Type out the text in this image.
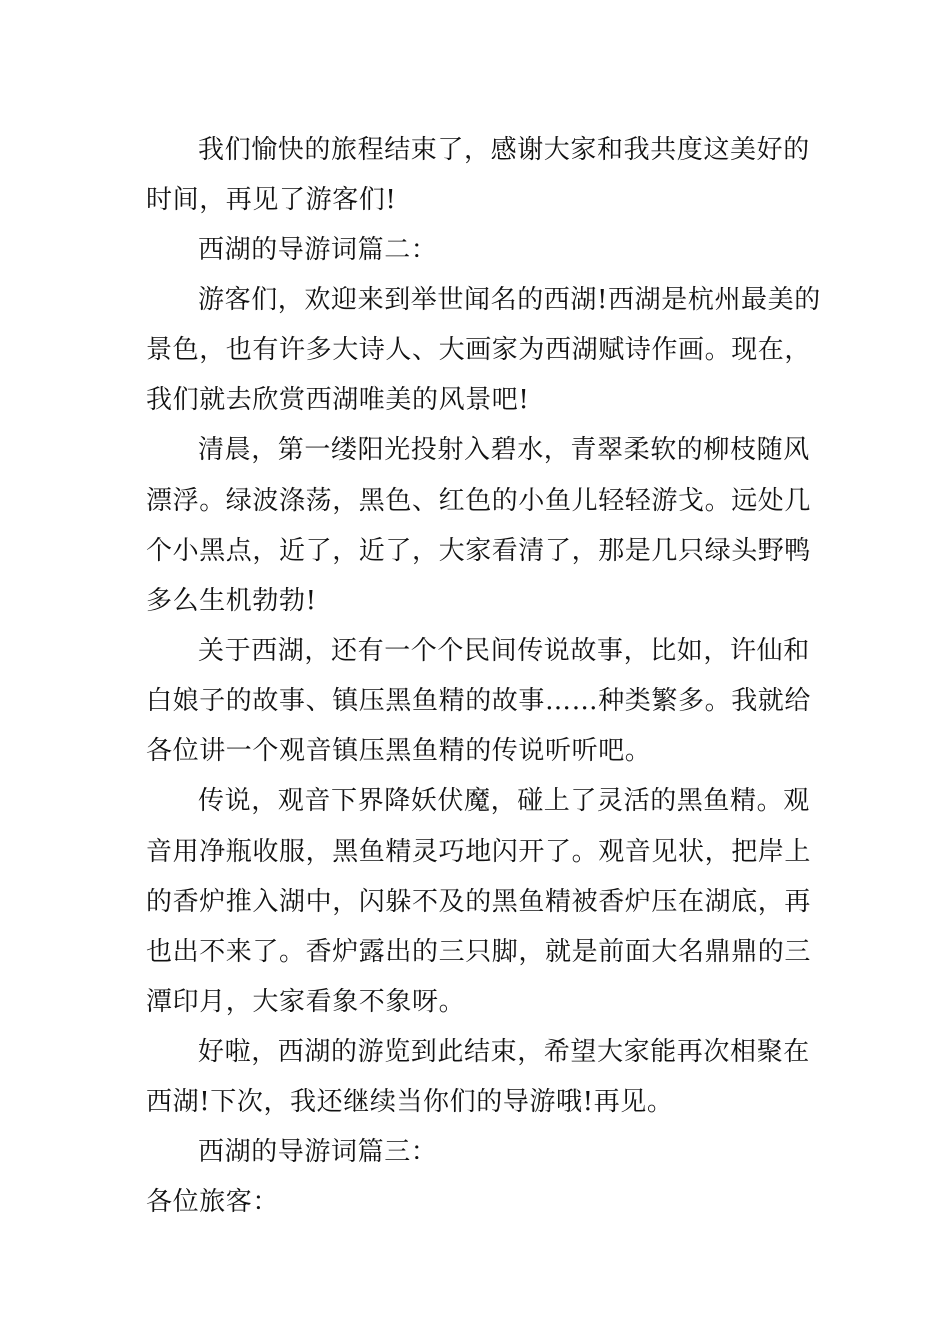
我们愉快的旅程结束了，感谢大家和我共度这美好的
时间，再见了游客们!
西湖的导游词篇二：
游客们，欢迎来到举世闻名的西湖!西湖是杭州最美的
景色，也有许多大诗人、大画家为西湖赋诗作画。现在，
我们就去欣赏西湖唯美的风景吧!
清晨，第一缕阳光投射入碧水，青翠柔软的柳枝随风
漂浮。绿波涤荡，黑色、红色的小鱼儿轻轻游戈。远处几
个小黑点，近了，近了，大家看清了，那是几只绿头野鸭
多么生机勃勃!
关于西湖，还有一个个民间传说故事，比如，许仙和
白娘子的故事、镇压黑鱼精的故事……种类繁多。我就给
各位讲一个观音镇压黑鱼精的传说听听吧。
传说，观音下界降妖伏魔，碰上了灵活的黑鱼精。观
音用净瓶收服，黑鱼精灵巧地闪开了。观音见状，把岸上
的香炉推入湖中，闪躲不及的黑鱼精被香炉压在湖底，再
也出不来了。香炉露出的三只脚，就是前面大名鼎鼎的三
潭印月，大家看象不象呀。
好啦，西湖的游览到此结束，希望大家能再次相聚在
西湖!下次，我还继续当你们的导游哦!再见。
西湖的导游词篇三：
各位旅客：
